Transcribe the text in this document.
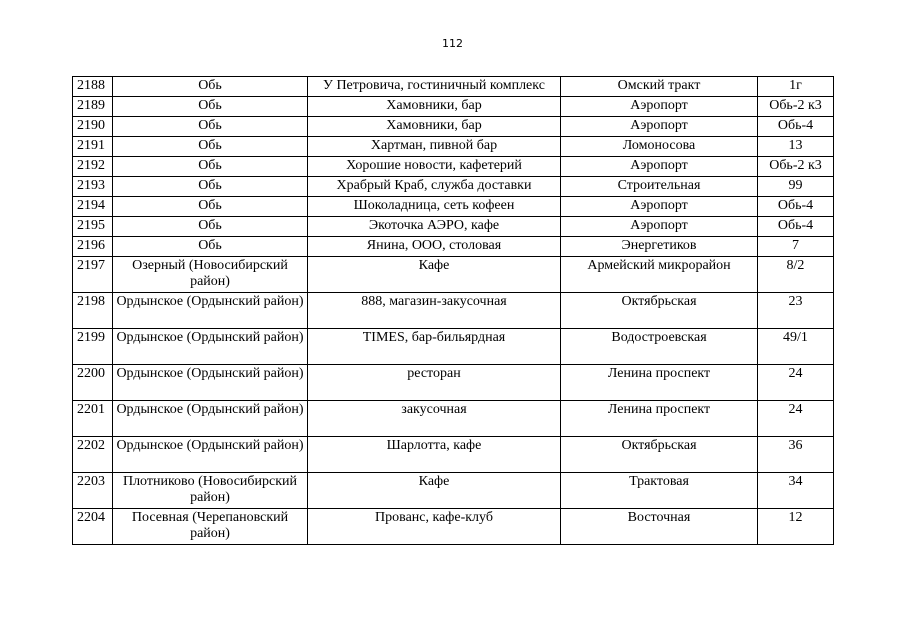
112
2188	Обь	У Петровича, гостиничный комплекс	Омский тракт	1г
2189	Обь	Хамовники, бар	Аэропорт	Обь-2 к3
2190	Обь	Хамовники, бар	Аэропорт	Обь-4
2191	Обь	Хартман, пивной бар	Ломоносова	13
2192	Обь	Хорошие новости, кафетерий	Аэропорт	Обь-2 к3
2193	Обь	Храбрый Краб, служба доставки	Строительная	99
2194	Обь	Шоколадница, сеть кофеен	Аэропорт	Обь-4
2195	Обь	Экоточка АЭРО, кафе	Аэропорт	Обь-4
2196	Обь	Янина, ООО, столовая	Энергетиков	7
2197	Озерный (Новосибирский район)	Кафе	Армейский микрорайон	8/2
2198	Ордынское (Ордынский район)	888, магазин-закусочная	Октябрьская	23
2199	Ордынское (Ордынский район)	TIMES, бар-бильярдная	Водостроевская	49/1
2200	Ордынское (Ордынский район)	ресторан	Ленина проспект	24
2201	Ордынское (Ордынский район)	закусочная	Ленина проспект	24
2202	Ордынское (Ордынский район)	Шарлотта, кафе	Октябрьская	36
2203	Плотниково (Новосибирский район)	Кафе	Трактовая	34
2204	Посевная (Черепановский район)	Прованс, кафе-клуб	Восточная	12
